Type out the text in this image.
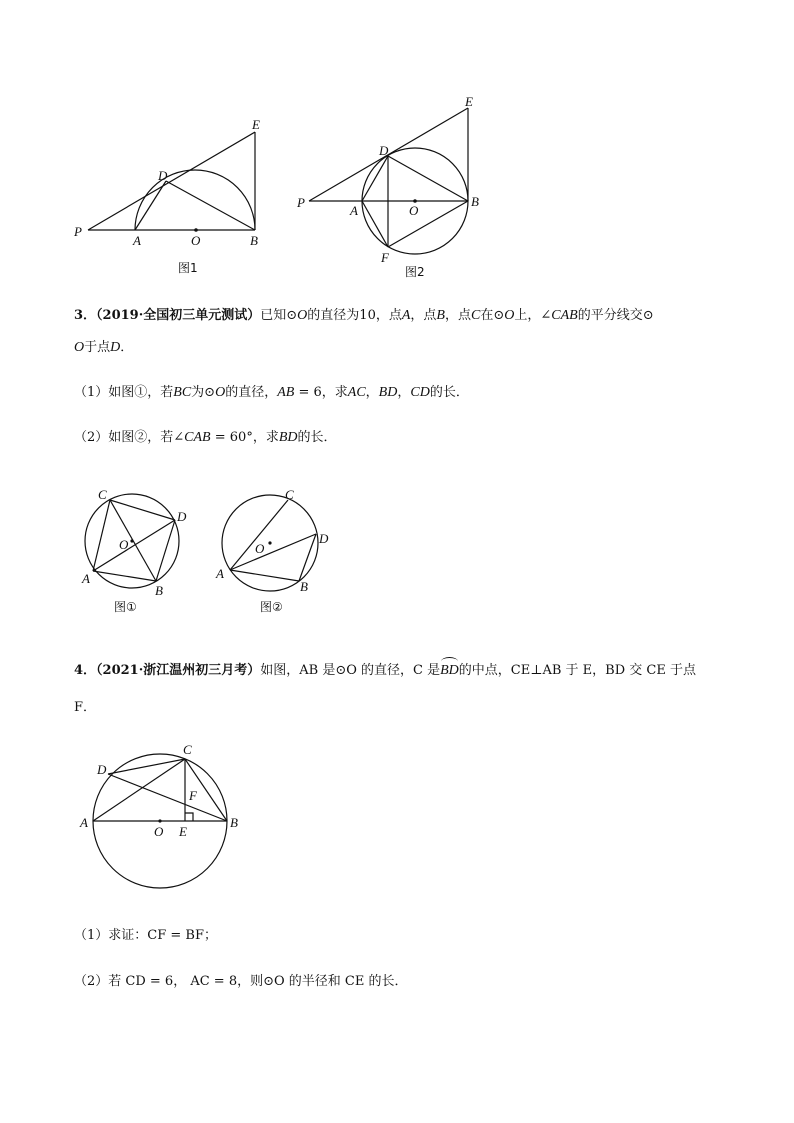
P
A	O	B
D
E
图1
P
A	O
B
D
E
F
图2
3．（2019·全国初三单元测试）已知⊙O的直径为10，点A，点B，点C在⊙O上，∠CAB的平分线交⊙
O于点D．
（1）如图①，若BC为⊙O的直径，AB = 6，求AC，BD，CD的长．
（2）如图②，若∠CAB = 60°，求BD的长．
C
D
O
A
B
图①
C
D
O
A
B
图②
4．（2021·浙江温州初三月考）如图，AB 是⊙O 的直径，C 是BD的中点，CE⊥AB 于 E，BD 交 CE 于点
F．
C
D
F
A
O E
B
（1）求证：CF = BF；
（2）若 CD = 6， AC = 8，则⊙O 的半径和 CE 的长．
